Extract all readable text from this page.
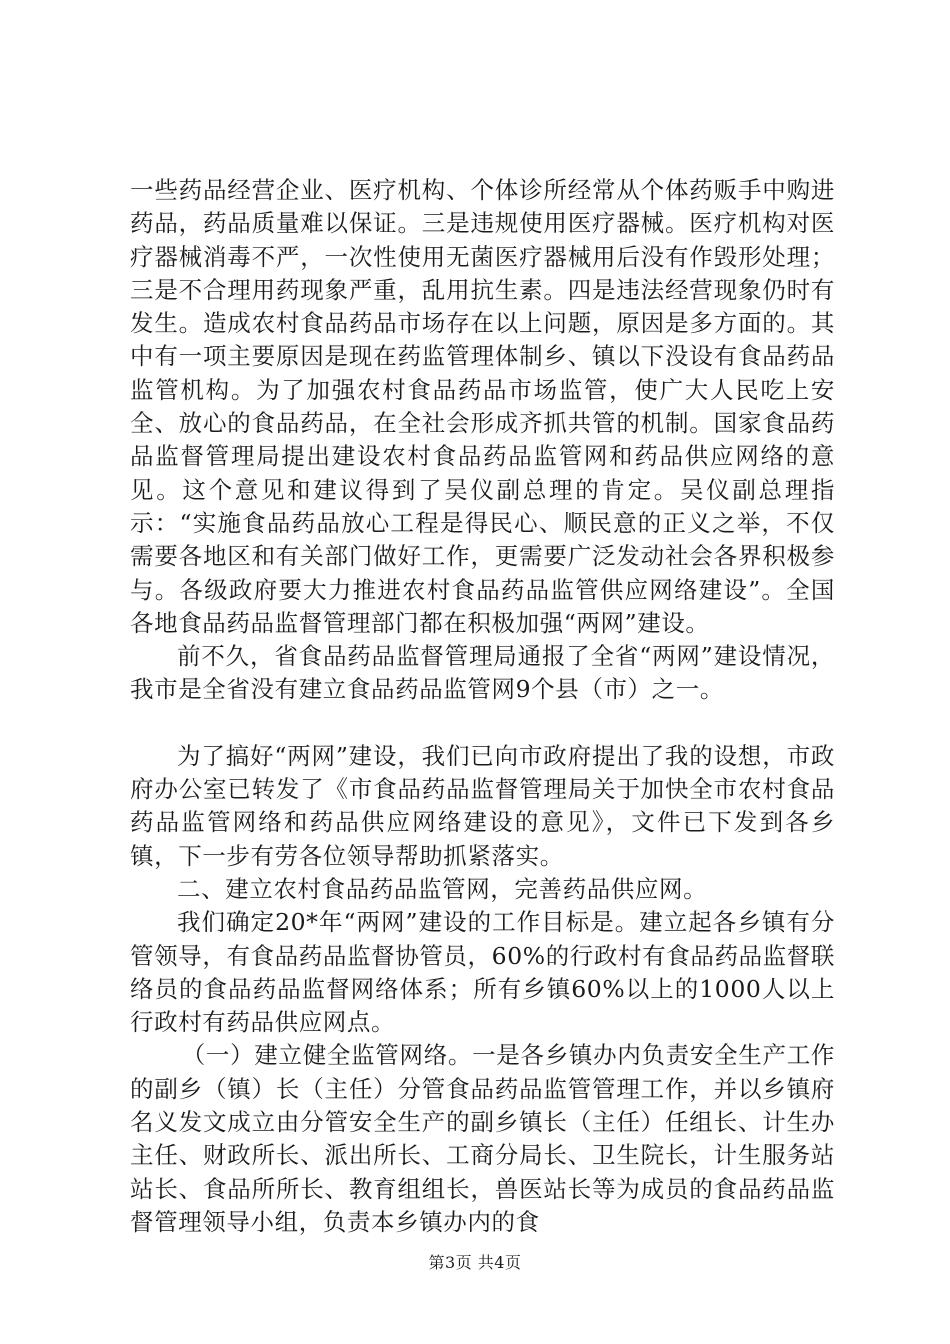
一些药品经营企业、医疗机构、个体诊所经常从个体药贩手中购进药品，药品质量难以保证。三是违规使用医疗器械。医疗机构对医疗器械消毒不严，一次性使用无菌医疗器械用后没有作毁形处理；三是不合理用药现象严重，乱用抗生素。四是违法经营现象仍时有发生。造成农村食品药品市场存在以上问题，原因是多方面的。其中有一项主要原因是现在药监管理体制乡、镇以下没设有食品药品监管机构。为了加强农村食品药品市场监管，使广大人民吃上安全、放心的食品药品，在全社会形成齐抓共管的机制。国家食品药品监督管理局提出建设农村食品药品监管网和药品供应网络的意见。这个意见和建议得到了吴仪副总理的肯定。吴仪副总理指示：“实施食品药品放心工程是得民心、顺民意的正义之举，不仅需要各地区和有关部门做好工作，更需要广泛发动社会各界积极参与。各级政府要大力推进农村食品药品监管供应网络建设”。全国各地食品药品监督管理部门都在积极加强“两网”建设。

前不久，省食品药品监督管理局通报了全省“两网”建设情况，我市是全省没有建立食品药品监管网9个县（市）之一。

为了搞好“两网”建设，我们已向市政府提出了我的设想，市政府办公室已转发了《市食品药品监督管理局关于加快全市农村食品药品监管网络和药品供应网络建设的意见》，文件已下发到各乡镇，下一步有劳各位领导帮助抓紧落实。

二、建立农村食品药品监管网，完善药品供应网。

我们确定20*年“两网”建设的工作目标是。建立起各乡镇有分管领导，有食品药品监督协管员，60%的行政村有食品药品监督联络员的食品药品监督网络体系；所有乡镇60%以上的1000人以上行政村有药品供应网点。

（一）建立健全监管网络。一是各乡镇办内负责安全生产工作的副乡（镇）长（主任）分管食品药品监管管理工作，并以乡镇府名义发文成立由分管安全生产的副乡镇长（主任）任组长、计生办主任、财政所长、派出所长、工商分局长、卫生院长，计生服务站站长、食品所所长、教育组组长，兽医站长等为成员的食品药品监督管理领导小组，负责本乡镇办内的食

第3页 共4页
